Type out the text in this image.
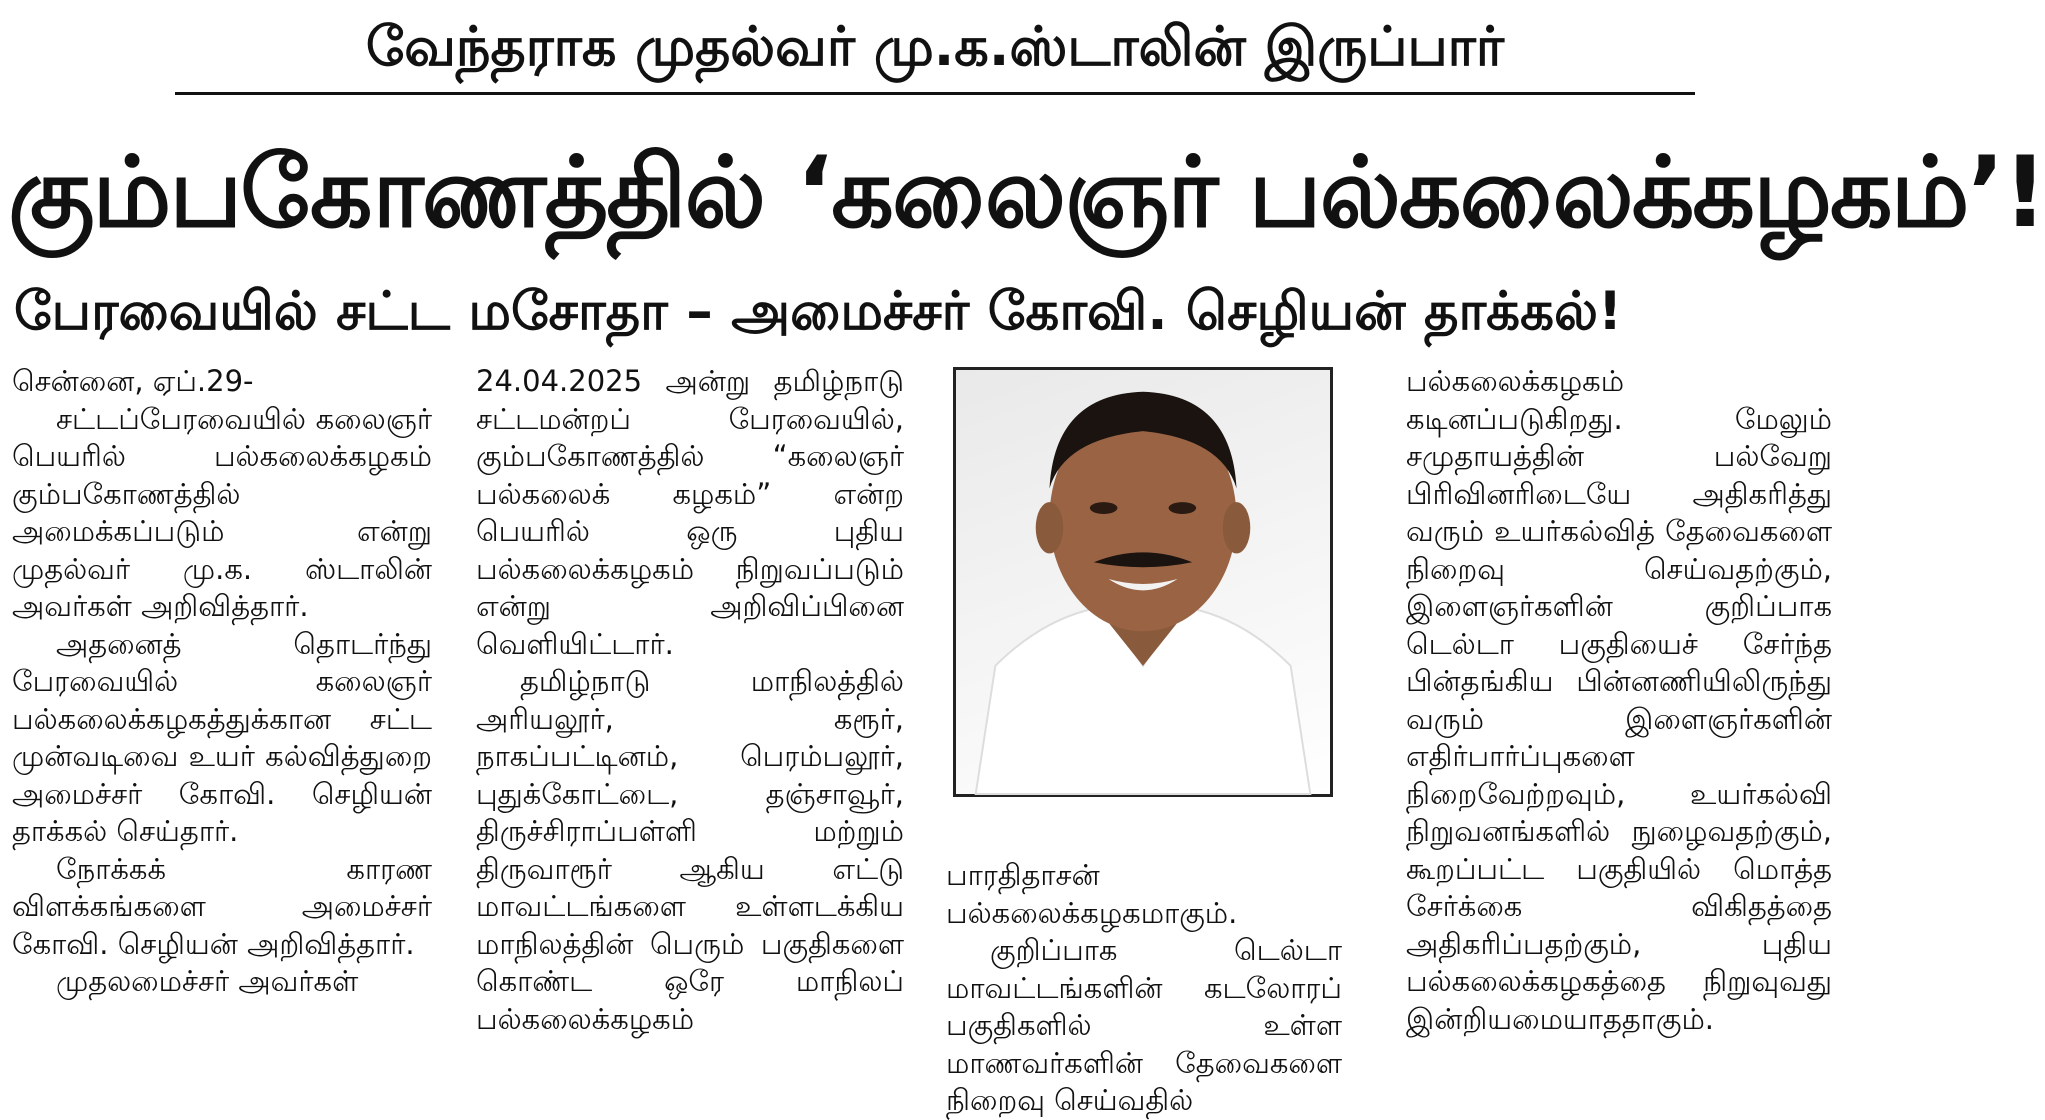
வேந்தராக முதல்வர் மு.க.ஸ்டாலின் இருப்பார்
கும்பகோணத்தில் ‘கலைஞர் பல்கலைக்கழகம்’!
பேரவையில் சட்ட மசோதா – அமைச்சர் கோவி. செழியன் தாக்கல்!

சென்னை, ஏப்.29-

சட்டப்பேரவையில் கலைஞர் பெயரில் பல்கலைக்கழகம் கும்பகோணத்தில் அமைக்கப்படும் என்று முதல்வர் மு.க. ஸ்டாலின் அவர்கள் அறிவித்தார்.

அதனைத் தொடர்ந்து பேரவையில் கலைஞர் பல்கலைக்கழகத்துக்கான சட்ட முன்வடிவை உயர் கல்வித்துறை அமைச்சர் கோவி. செழியன் தாக்கல் செய்தார்.

நோக்கக் காரண விளக்கங்களை அமைச்சர் கோவி. செழியன் அறிவித்தார்.

முதலமைச்சர் அவர்கள்

24.04.2025 அன்று தமிழ்நாடு சட்டமன்றப் பேரவையில், கும்பகோணத்தில் “கலைஞர் பல்கலைக் கழகம்” என்ற பெயரில் ஒரு புதிய பல்கலைக்கழகம் நிறுவப்படும் என்று அறிவிப்பினை வெளியிட்டார்.

தமிழ்நாடு மாநிலத்தில் அரியலூர், கரூர், நாகப்பட்டினம், பெரம்பலூர், புதுக்கோட்டை, தஞ்சாவூர், திருச்சிராப்பள்ளி மற்றும் திருவாரூர் ஆகிய எட்டு மாவட்டங்களை உள்ளடக்கிய மாநிலத்தின் பெரும் பகுதிகளை கொண்ட ஒரே மாநிலப் பல்கலைக்கழகம்

பாரதிதாசன் பல்கலைக்கழகமாகும்.

குறிப்பாக டெல்டா மாவட்டங்களின் கடலோரப் பகுதிகளில் உள்ள மாணவர்களின் தேவைகளை நிறைவு செய்வதில்

பல்கலைக்கழகம் கடினப்படுகிறது. மேலும் சமுதாயத்தின் பல்வேறு பிரிவினரிடையே அதிகரித்து வரும் உயர்கல்வித் தேவைகளை நிறைவு செய்வதற்கும், இளைஞர்களின் குறிப்பாக டெல்டா பகுதியைச் சேர்ந்த பின்தங்கிய பின்னணியிலிருந்து வரும் இளைஞர்களின் எதிர்பார்ப்புகளை நிறைவேற்றவும், உயர்கல்வி நிறுவனங்களில் நுழைவதற்கும், கூறப்பட்ட பகுதியில் மொத்த சேர்க்கை விகிதத்தை அதிகரிப்பதற்கும், புதிய பல்கலைக்கழகத்தை நிறுவுவது இன்றியமையாததாகும்.
